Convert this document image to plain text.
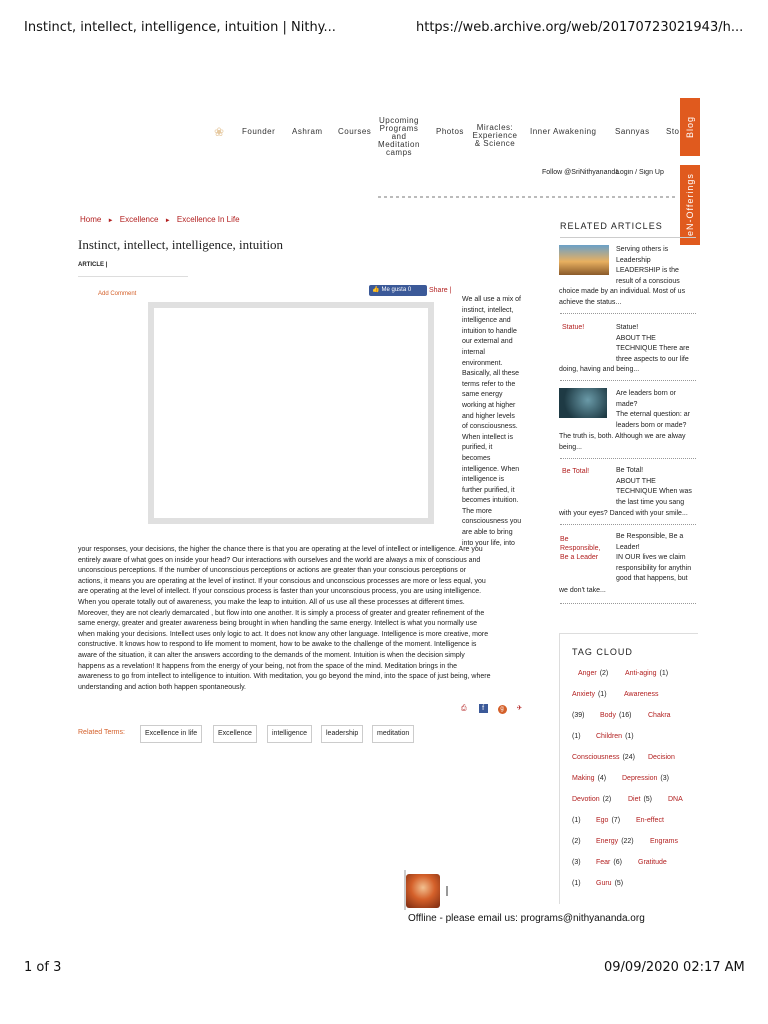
Instinct, intellect, intelligence, intuition | Nithy...	https://web.archive.org/web/20170723021943/h...
1 of 3	09/09/2020 02:17 AM
❀	Founder Ashram Courses
Upcoming Programs and Meditation camps
Photos	Miracles: Experience & Science
Inner Awakening Sannyas Sto Blog
eN-Offerings
Follow @SriNithyananda
Login / Sign Up
Home ► Excellence ► Excellence In Life
Instinct, intellect, intelligence, intuition
ARTICLE |
Add Comment
👍 Me gusta 0	Share |
We all use a mix of
instinct, intellect,
intelligence and
intuition to handle
our external and
internal
environment.
Basically, all these
terms refer to the
same energy
working at higher
and higher levels
of consciousness.
When intellect is
purified, it
becomes
intelligence. When
intelligence is
further purified, it
becomes intuition.
The more
consciousness you
are able to bring
into your life, into
your responses, your decisions, the higher the chance there is that you are operating at the level of intellect or intelligence. Are you
entirely aware of what goes on inside your head? Our interactions with ourselves and the world are always a mix of conscious and
unconscious perceptions. If the number of unconscious perceptions or actions are greater than your conscious perceptions or
actions, it means you are operating at the level of instinct. If your conscious and unconscious processes are more or less equal, you
are operating at the level of intellect. If your conscious process is faster than your unconscious process, you are using intelligence.
When you operate totally out of awareness, you make the leap to intuition. All of us use all these processes at different times.
Moreover, they are not clearly demarcated , but flow into one another. It is simply a process of greater and greater refinement of the
same energy, greater and greater awareness being brought in when handling the same energy. Intellect is what you normally use
when making your decisions. Intellect uses only logic to act. It does not know any other language. Intelligence is more creative, more
constructive. It knows how to respond to life moment to moment, how to be awake to the challenge of the moment. Intelligence is
aware of the situation, it can alter the answers according to the demands of the moment. Intuition is when the decision simply
happens as a revelation! It happens from the energy of your being, not from the space of the mind. Meditation brings in the
awareness to go from intellect to intelligence to intuition. With meditation, you go beyond the mind, into the space of just being, where
understanding and action both happen spontaneously.
⎙ f	g ✈
Related Terms:	Excellence in life	Excellence	intelligence	leadership	meditation
RELATED ARTICLES
Serving others is
Leadership
LEADERSHIP is the
result of a conscious
choice made by an individual. Most of us
achieve the status...
Statue!	Statue!
ABOUT THE
TECHNIQUE There are
three aspects to our life
doing, having and being...
Are leaders born or
made?
The eternal question: ar
leaders born or made?
The truth is, both. Although we are alway
being...
Be Total!	Be Total!
ABOUT THE
TECHNIQUE When was
the last time you sang
with your eyes? Danced with your smile...
Be Responsible, Be a Leader
Be Responsible, Be a
Leader!
IN OUR lives we claim
responsibility for anythin
good that happens, but
we don't take...
TAG CLOUD
Anger (2) Anti-aging (1)
Anxiety (1) Awareness
(39) Body (16) Chakra
(1) Children (1)
Consciousness (24) Decision
Making (4) Depression (3)
Devotion (2) Diet (5) DNA
(1) Ego (7) En-effect
(2) Energy (22) Engrams
(3) Fear (6) Gratitude
(1) Guru (5)
Offline - please email us: programs@nithyananda.org
